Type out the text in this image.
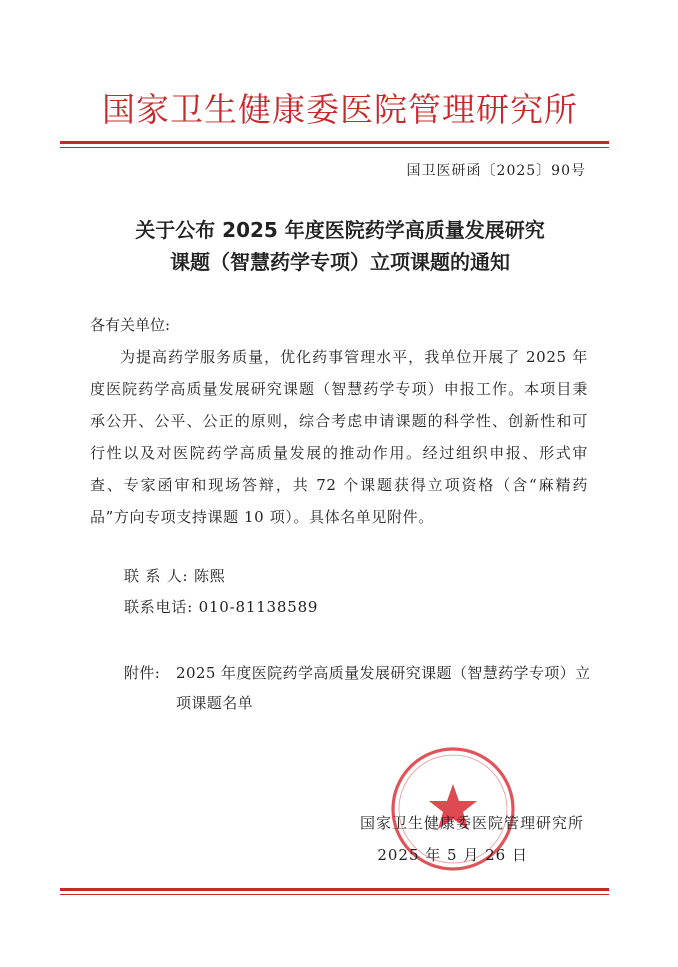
国家卫生健康委医院管理研究所
国卫医研函〔2025〕90号
关于公布 2025 年度医院药学高质量发展研究
课题（智慧药学专项）立项课题的通知
各有关单位:

为提高药学服务质量，优化药事管理水平，我单位开展了 2025 年度医院药学高质量发展研究课题（智慧药学专项）申报工作。本项目秉承公开、公平、公正的原则，综合考虑申请课题的科学性、创新性和可行性以及对医院药学高质量发展的推动作用。经过组织申报、形式审查、专家函审和现场答辩，共 72 个课题获得立项资格（含“麻精药品”方向专项支持课题 10 项）。具体名单见附件。

联 系 人: 陈熙
联系电话: 010-81138589
附件: 2025 年度医院药学高质量发展研究课题（智慧药学专项）立项课题名单
国家卫生健康委医院管理研究所
2025 年 5 月 26 日
